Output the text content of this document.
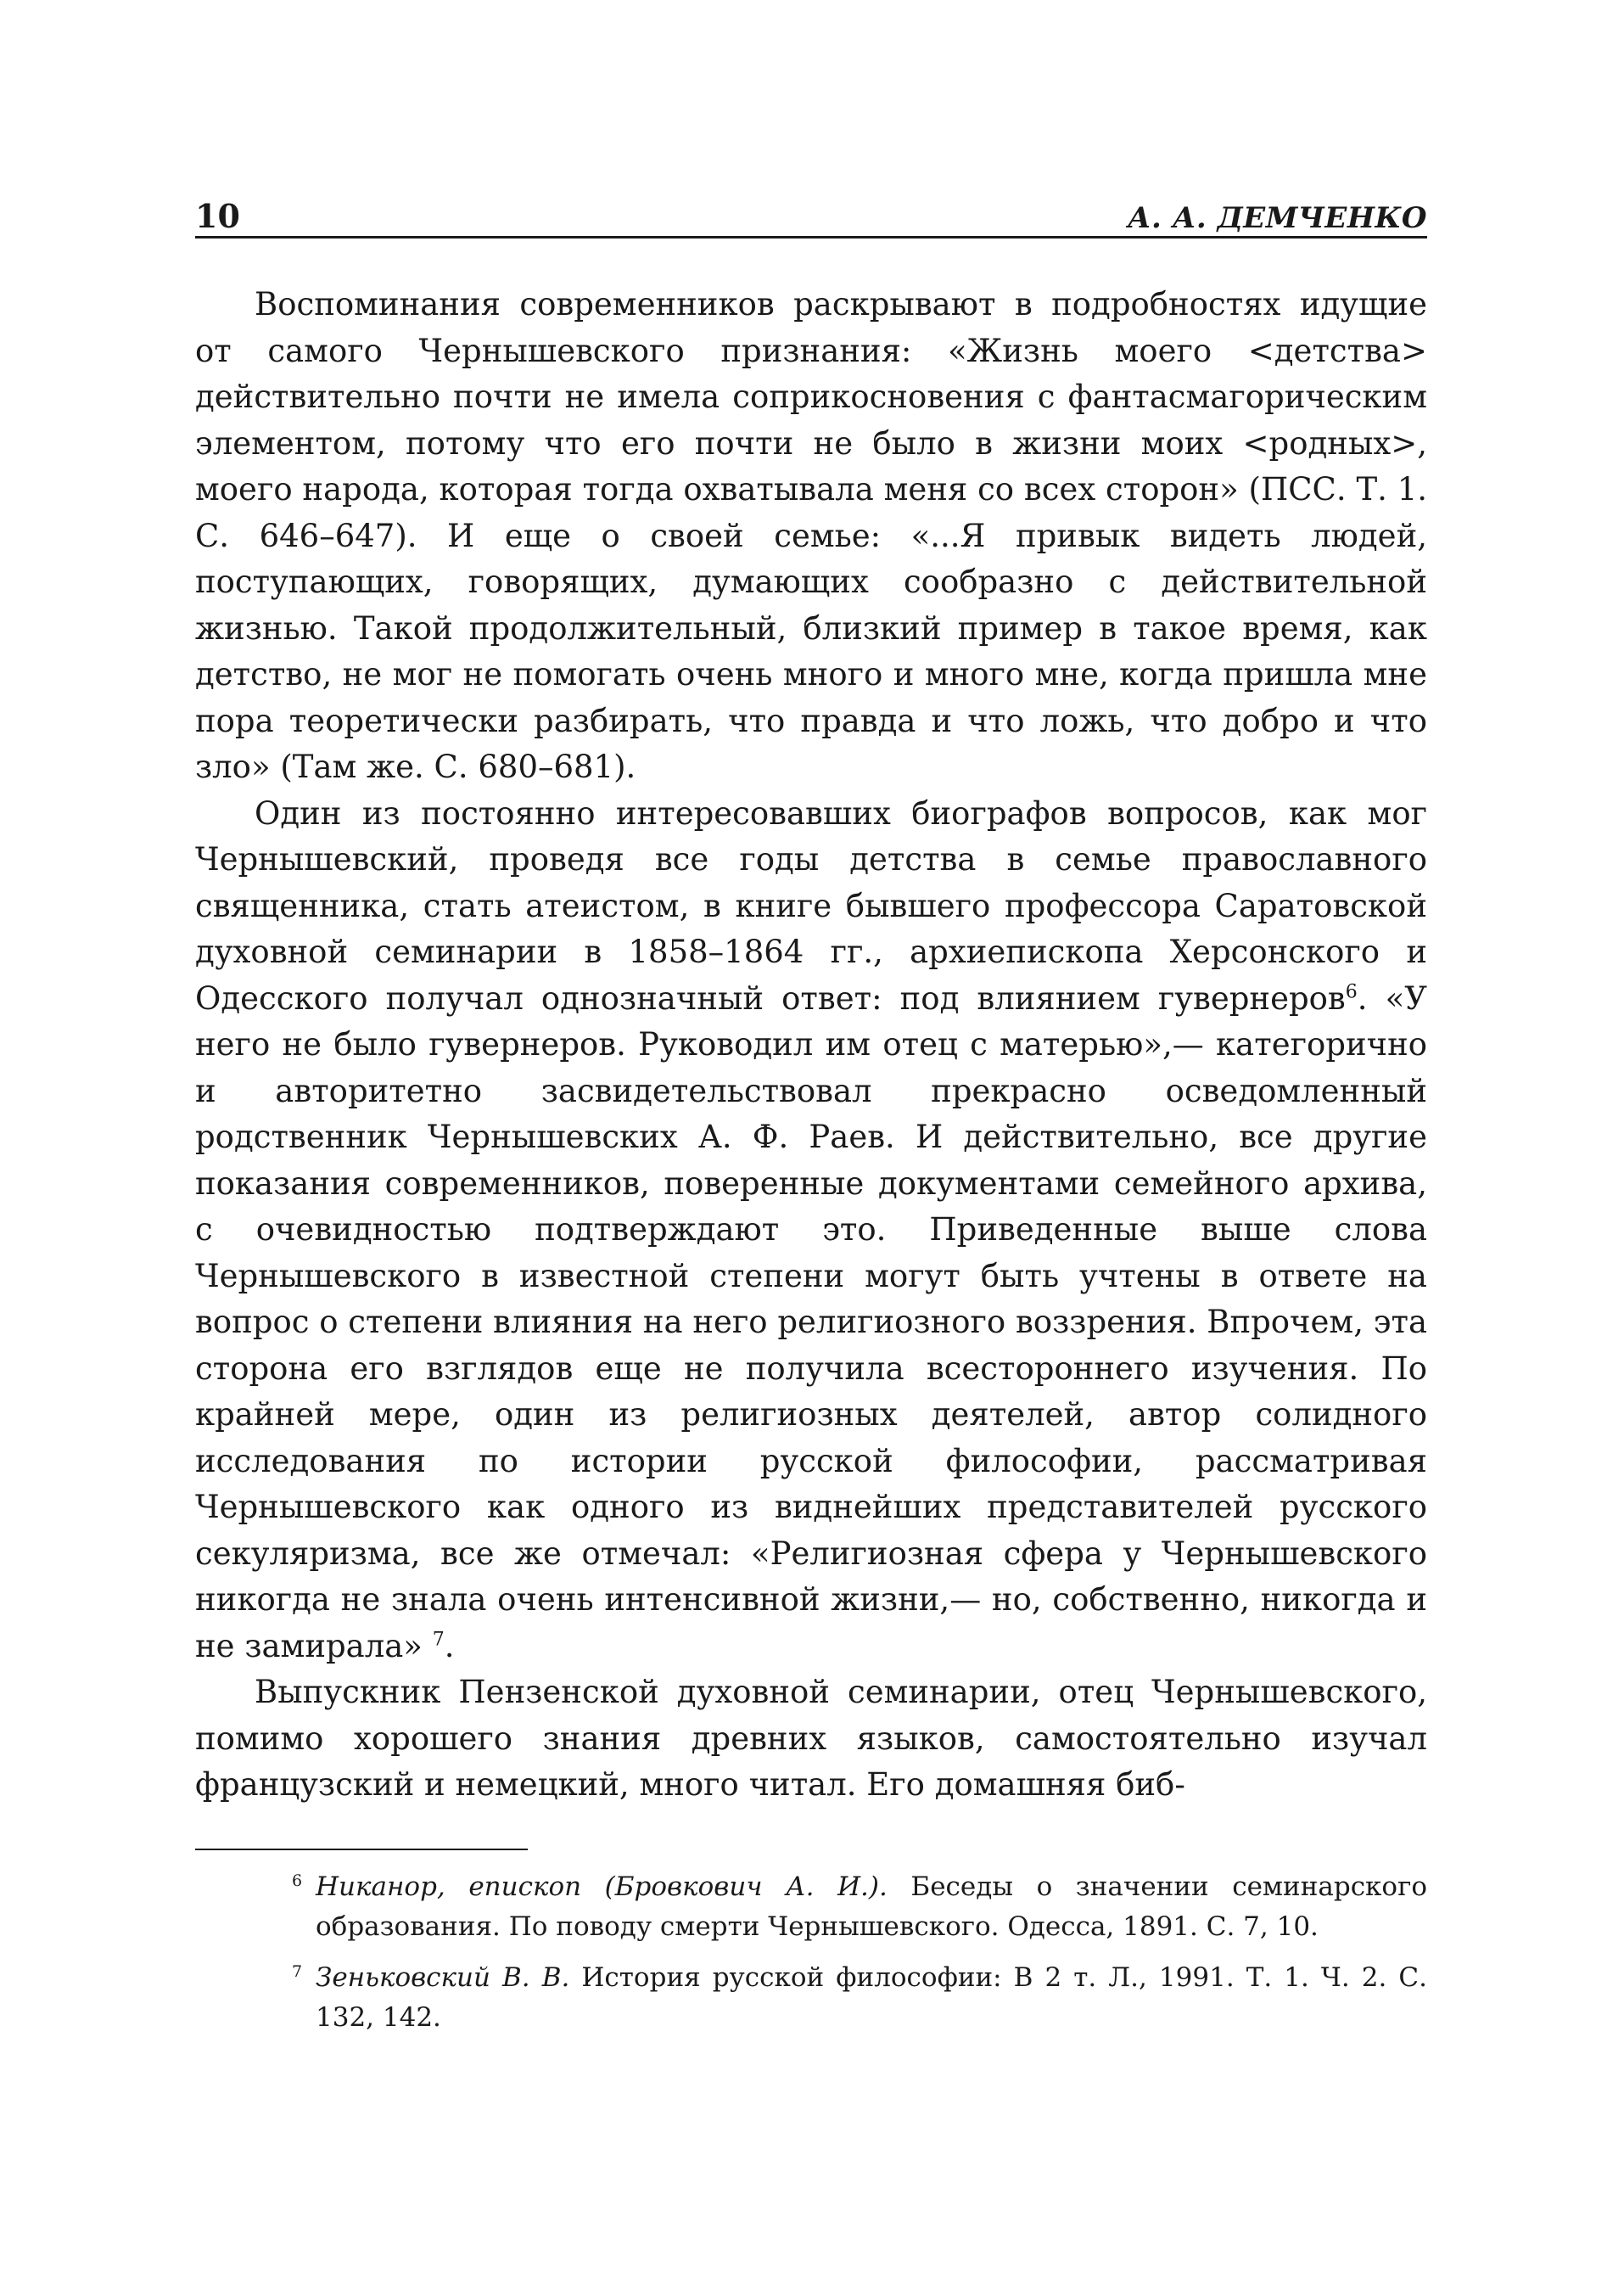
10	А. А. ДЕМЧЕНКО

Воспоминания современников раскрывают в подробностях идущие от самого Чернышевского признания: «Жизнь моего <детства> действительно почти не имела соприкосновения с фантасмагорическим элементом, потому что его почти не было в жизни моих <родных>, моего народа, которая тогда охватывала меня со всех сторон» (ПСС. Т. 1. С. 646–647). И еще о своей семье: «...Я привык видеть людей, поступающих, говорящих, думающих сообразно с действительной жизнью. Такой продолжительный, близкий пример в такое время, как детство, не мог не помогать очень много и много мне, когда пришла мне пора теоретически разбирать, что правда и что ложь, что добро и что зло» (Там же. С. 680–681).

Один из постоянно интересовавших биографов вопросов, как мог Чернышевский, проведя все годы детства в семье православного священника, стать атеистом, в книге бывшего профессора Саратовской духовной семинарии в 1858–1864 гг., архиепископа Херсонского и Одесского получал однозначный ответ: под влиянием гувернеров$^6$. «У него не было гувернеров. Руководил им отец с матерью»,— категорично и авторитетно засвидетельствовал прекрасно осведомленный родственник Чернышевских А. Ф. Раев. И действительно, все другие показания современников, поверенные документами семейного архива, с очевидностью подтверждают это. Приведенные выше слова Чернышевского в известной степени могут быть учтены в ответе на вопрос о степени влияния на него религиозного воззрения. Впрочем, эта сторона его взглядов еще не получила всестороннего изучения. По крайней мере, один из религиозных деятелей, автор солидного исследования по истории русской философии, рассматривая Чернышевского как одного из виднейших представителей русского секуляризма, все же отмечал: «Религиозная сфера у Чернышевского никогда не знала очень интенсивной жизни,— но, собственно, никогда и не замирала» $^7$.

Выпускник Пензенской духовной семинарии, отец Чернышевского, помимо хорошего знания древних языков, самостоятельно изучал французский и немецкий, много читал. Его домашняя биб-

6 Никанор, епископ (Бровкович А. И.). Беседы о значении семинарского образования. По поводу смерти Чернышевского. Одесса, 1891. С. 7, 10.

7 Зеньковский В. В. История русской философии: В 2 т. Л., 1991. Т. 1. Ч. 2. С. 132, 142.
